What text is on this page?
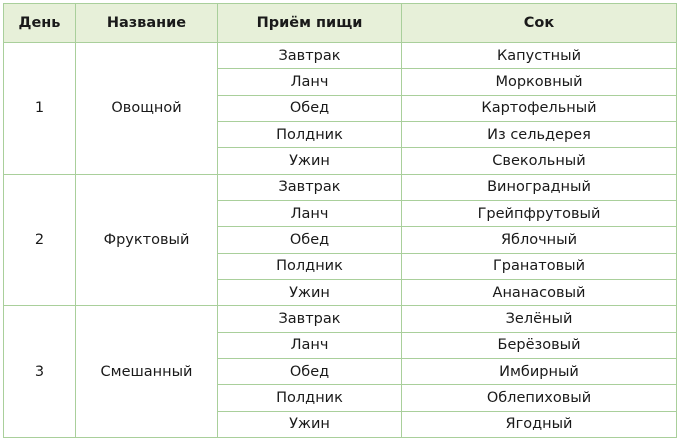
День	Название	Приём пищи	Сок
1	Овощной	Завтрак	Капустный
		Ланч	Морковный
		Обед	Картофельный
		Полдник	Из сельдерея
		Ужин	Свекольный
2	Фруктовый	Завтрак	Виноградный
		Ланч	Грейпфрутовый
		Обед	Яблочный
		Полдник	Гранатовый
		Ужин	Ананасовый
3	Смешанный	Завтрак	Зелёный
		Ланч	Берёзовый
		Обед	Имбирный
		Полдник	Облепиховый
		Ужин	Ягодный
